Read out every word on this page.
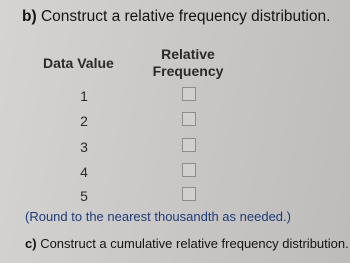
b) Construct a relative frequency distribution.
Data Value
Relative
Frequency
1
2
3
4
5
(Round to the nearest thousandth as needed.)
c) Construct a cumulative relative frequency distribution.
